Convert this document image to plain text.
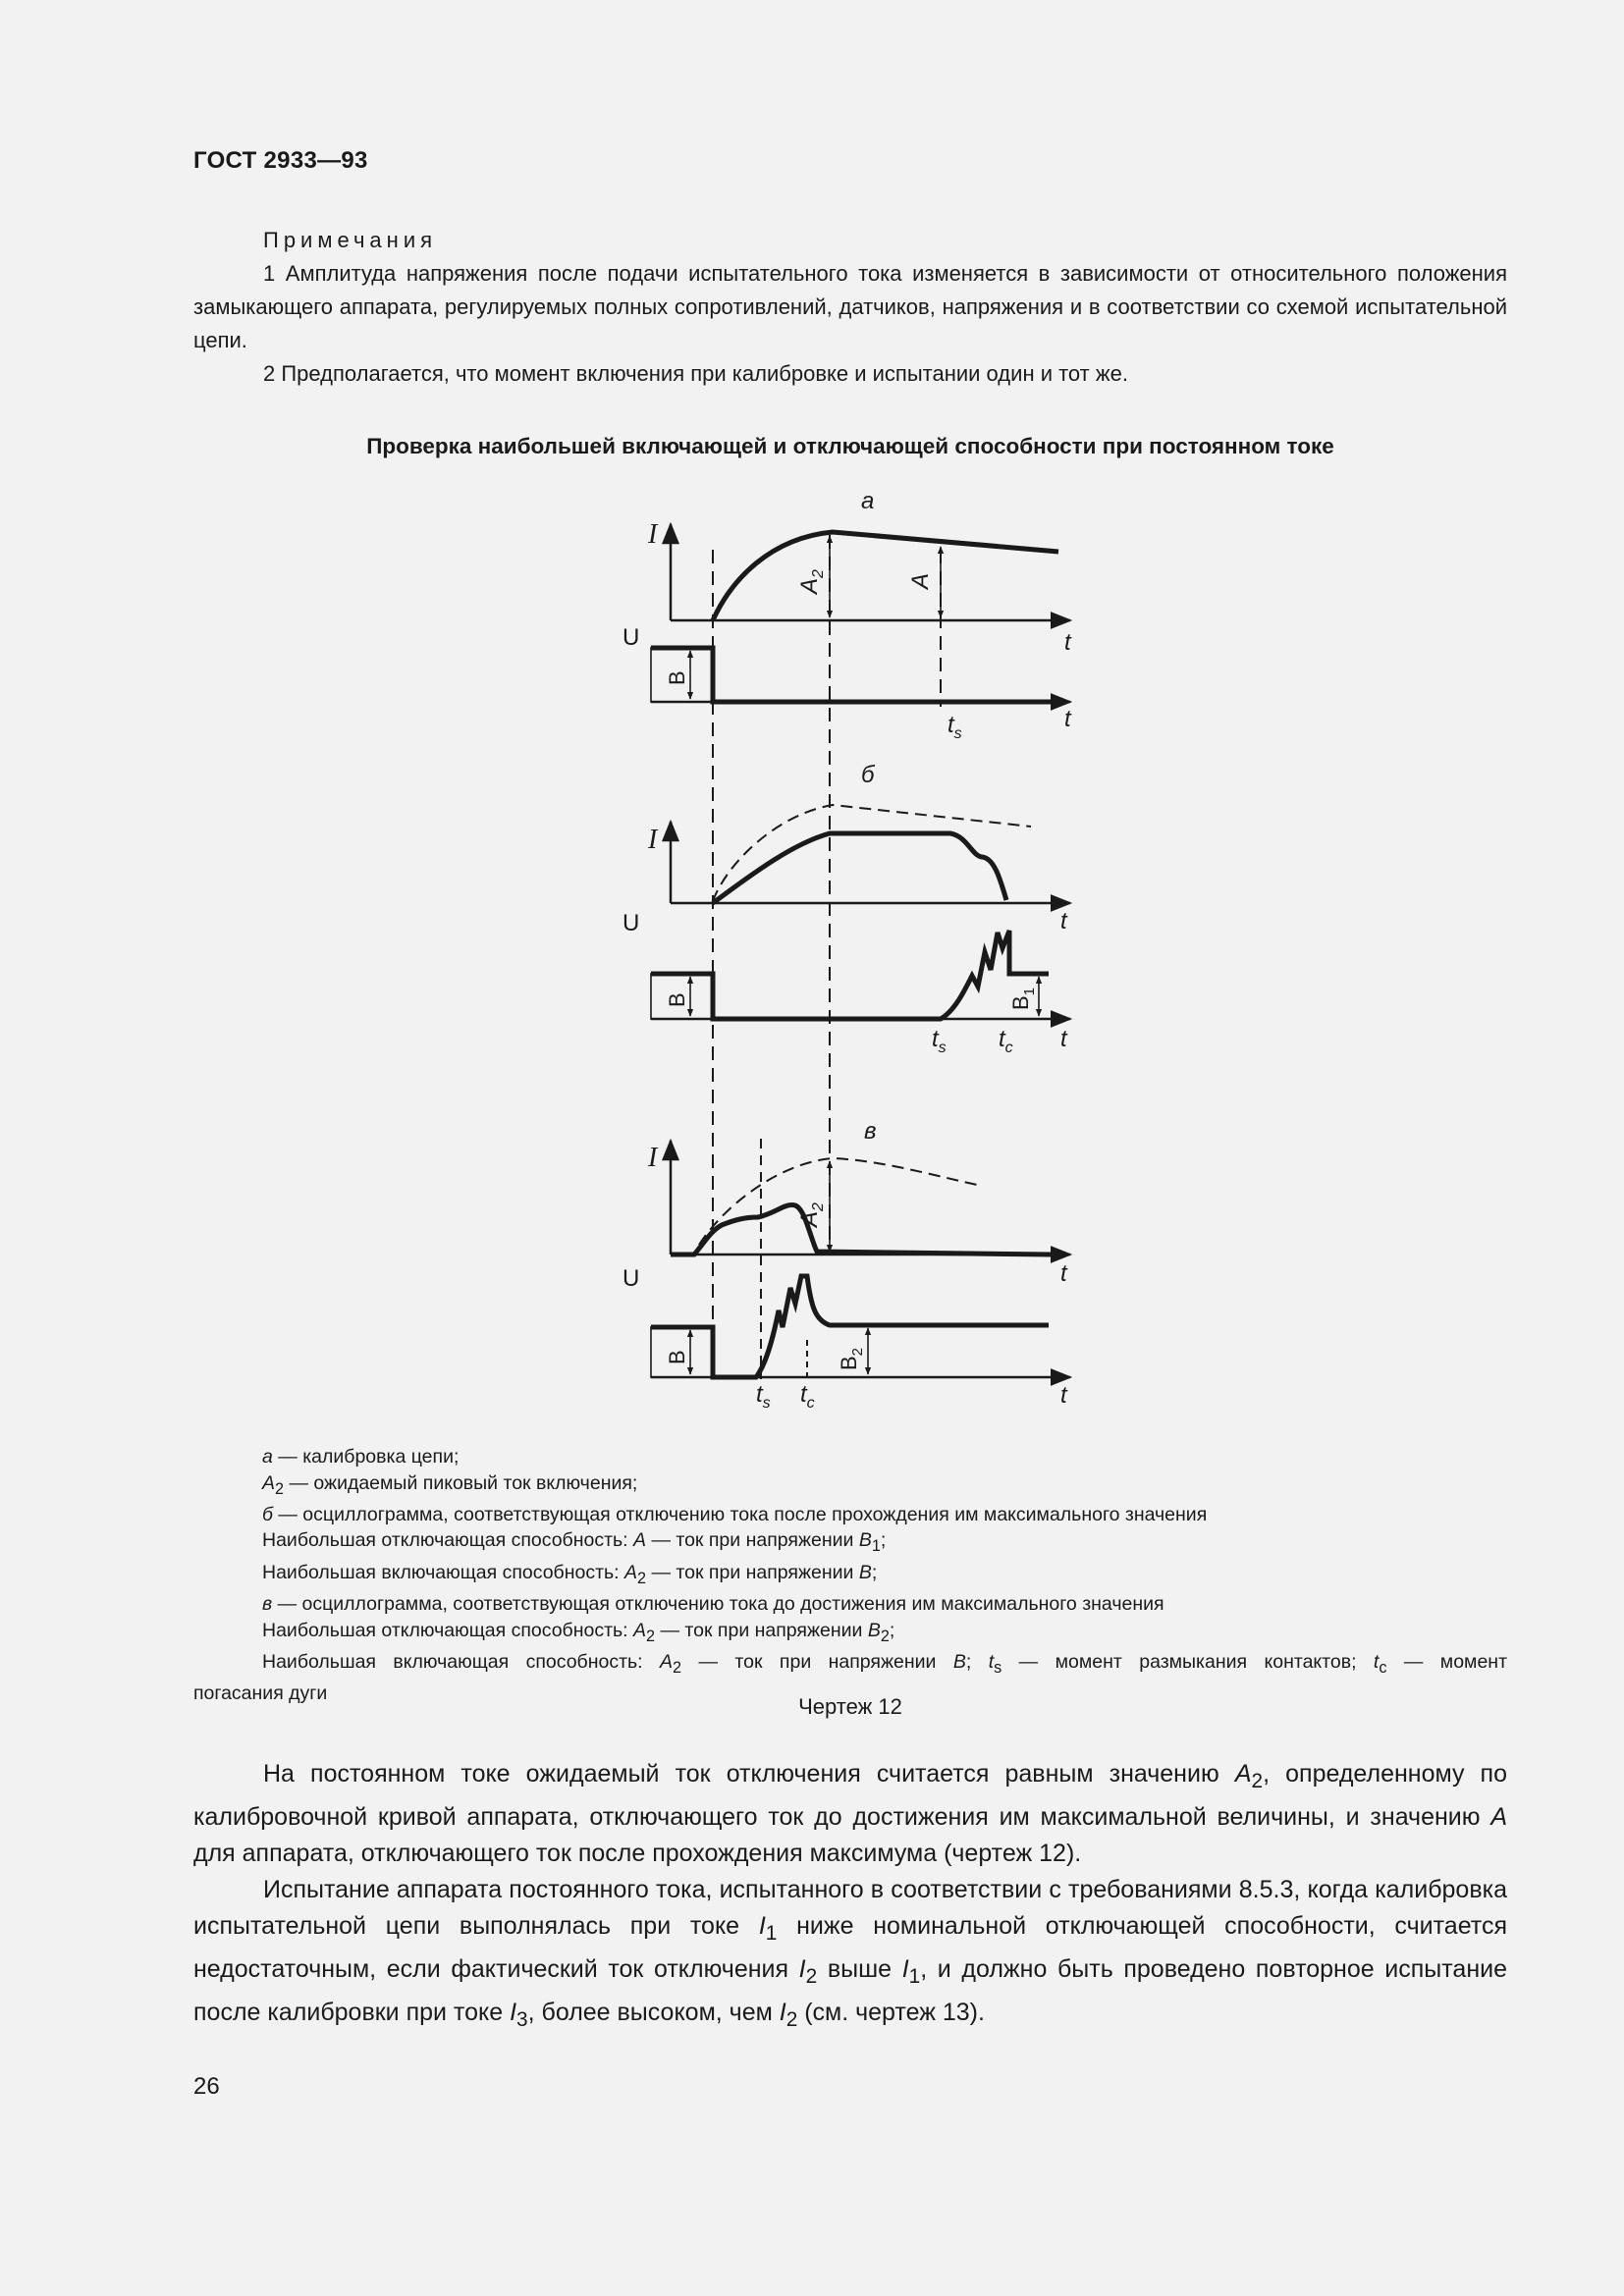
ГОСТ 2933—93

Примечания

1 Амплитуда напряжения после подачи испытательного тока изменяется в зависимости от относительного положения замыкающего аппарата, регулируемых полных сопротивлений, датчиков, напряжения и в соответствии со схемой испытательной цепи.

2 Предполагается, что момент включения при калибровке и испытании один и тот же.

Проверка наибольшей включающей и отключающей способности при постоянном токе
а
I
t
$A_2$	A
U
B
t
$t_s$
б
I
t
U
B	$B_1$
t
$t_s$ $t_c$
в
I
t
$A_2$
U
B	$B_2$
t
$t_s$ $t_c$
а — калибровка цепи;
$A_2$ — ожидаемый пиковый ток включения;
б — осциллограмма, соответствующая отключению тока после прохождения им максимального значения
Наибольшая отключающая способность: A — ток при напряжении $B_1$;
Наибольшая включающая способность: $A_2$ — ток при напряжении B;
в — осциллограмма, соответствующая отключению тока до достижения им максимального значения
Наибольшая отключающая способность: $A_2$ — ток при напряжении $B_2$;
Наибольшая включающая способность: $A_2$ — ток при напряжении B; $t_s$ — момент размыкания контактов; $t_c$ — момент
погасания дуги
Чертеж 12

На постоянном токе ожидаемый ток отключения считается равным значению $A_2$, определенному по калибровочной кривой аппарата, отключающего ток до достижения им максимальной величины, и значению A для аппарата, отключающего ток после прохождения максимума (чертеж 12).

Испытание аппарата постоянного тока, испытанного в соответствии с требованиями 8.5.3, когда калибровка испытательной цепи выполнялась при токе $I_1$ ниже номинальной отключающей способности, считается недостаточным, если фактический ток отключения $I_2$ выше $I_1$, и должно быть проведено повторное испытание после калибровки при токе $I_3$, более высоком, чем $I_2$ (см. чертеж 13).

26
